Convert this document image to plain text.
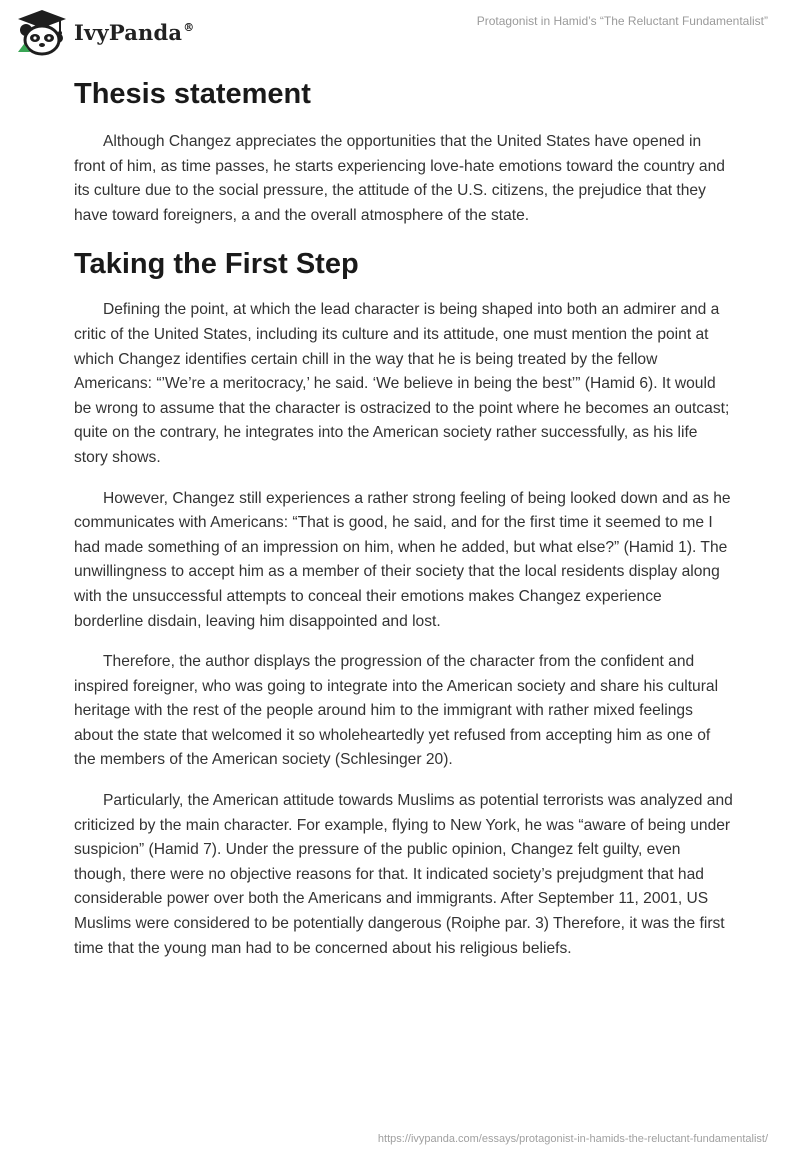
IvyPanda®	Protagonist in Hamid’s “The Reluctant Fundamentalist”
Thesis statement

Although Changez appreciates the opportunities that the United States have opened in front of him, as time passes, he starts experiencing love-hate emotions toward the country and its culture due to the social pressure, the attitude of the U.S. citizens, the prejudice that they have toward foreigners, a and the overall atmosphere of the state.

Taking the First Step

Defining the point, at which the lead character is being shaped into both an admirer and a critic of the United States, including its culture and its attitude, one must mention the point at which Changez identifies certain chill in the way that he is being treated by the fellow Americans: “’We’re a meritocracy,’ he said. ‘We believe in being the best’” (Hamid 6). It would be wrong to assume that the character is ostracized to the point where he becomes an outcast; quite on the contrary, he integrates into the American society rather successfully, as his life story shows.

However, Changez still experiences a rather strong feeling of being looked down and as he communicates with Americans: “That is good, he said, and for the first time it seemed to me I had made something of an impression on him, when he added, but what else?” (Hamid 1). The unwillingness to accept him as a member of their society that the local residents display along with the unsuccessful attempts to conceal their emotions makes Changez experience borderline disdain, leaving him disappointed and lost.

Therefore, the author displays the progression of the character from the confident and inspired foreigner, who was going to integrate into the American society and share his cultural heritage with the rest of the people around him to the immigrant with rather mixed feelings about the state that welcomed it so wholeheartedly yet refused from accepting him as one of the members of the American society (Schlesinger 20).

Particularly, the American attitude towards Muslims as potential terrorists was analyzed and criticized by the main character. For example, flying to New York, he was “aware of being under suspicion” (Hamid 7). Under the pressure of the public opinion, Changez felt guilty, even though, there were no objective reasons for that. It indicated society’s prejudgment that had considerable power over both the Americans and immigrants. After September 11, 2001, US Muslims were considered to be potentially dangerous (Roiphe par. 3) Therefore, it was the first time that the young man had to be concerned about his religious beliefs.

https://ivypanda.com/essays/protagonist-in-hamids-the-reluctant-fundamentalist/
